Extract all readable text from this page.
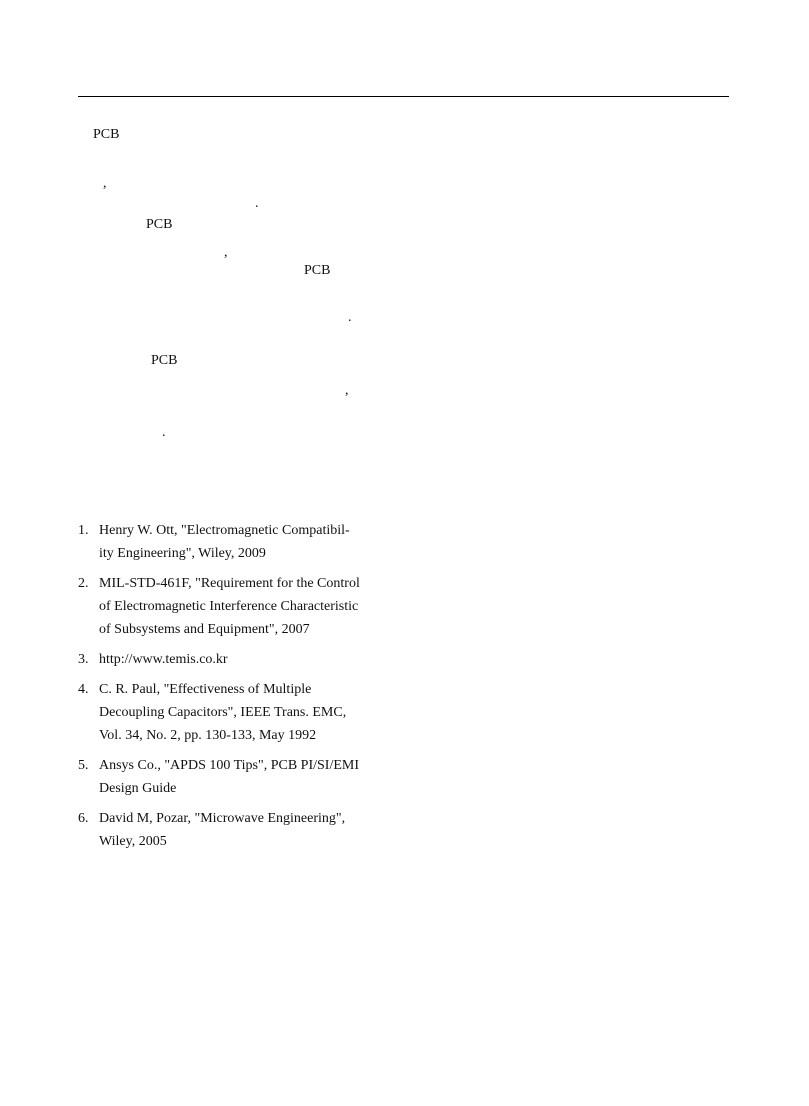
PCB
,
.
PCB
,
PCB
.
PCB
,
.
1. Henry W. Ott, "Electromagnetic Compatibil-
ity Engineering", Wiley, 2009
2. MIL-STD-461F, "Requirement for the Control
of Electromagnetic Interference Characteristic
of Subsystems and Equipment", 2007
3. http://www.temis.co.kr
4. C. R. Paul, "Effectiveness of Multiple
Decoupling Capacitors", IEEE Trans. EMC,
Vol. 34, No. 2, pp. 130-133, May 1992
5. Ansys Co., "APDS 100 Tips", PCB PI/SI/EMI
Design Guide
6. David M, Pozar, "Microwave Engineering",
Wiley, 2005
